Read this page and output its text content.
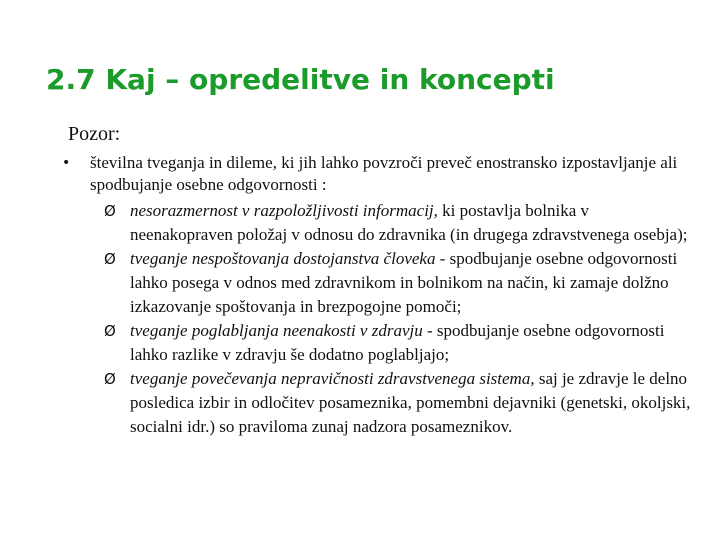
2.7 Kaj – opredelitve in koncepti
Pozor:
•	številna tveganja in dileme, ki jih lahko povzroči preveč enostransko izpostavljanje ali spodbujanje osebne odgovornosti :

Ø nesorazmernost v razpoložljivosti informacij, ki postavlja bolnika v neenakopraven položaj v odnosu do zdravnika (in drugega zdravstvenega osebja);

Ø tveganje nespoštovanja dostojanstva človeka - spodbujanje osebne odgovornosti lahko posega v odnos med zdravnikom in bolnikom na način, ki zamaje dolžno izkazovanje spoštovanja in brezpogojne pomoči;

Ø tveganje poglabljanja neenakosti v zdravju - spodbujanje osebne odgovornosti lahko razlike v zdravju še dodatno poglabljajo;

Ø tveganje povečevanja nepravičnosti zdravstvenega sistema, saj je zdravje le delno posledica izbir in odločitev posameznika, pomembni dejavniki (genetski, okoljski, socialni idr.) so praviloma zunaj nadzora posameznikov.
